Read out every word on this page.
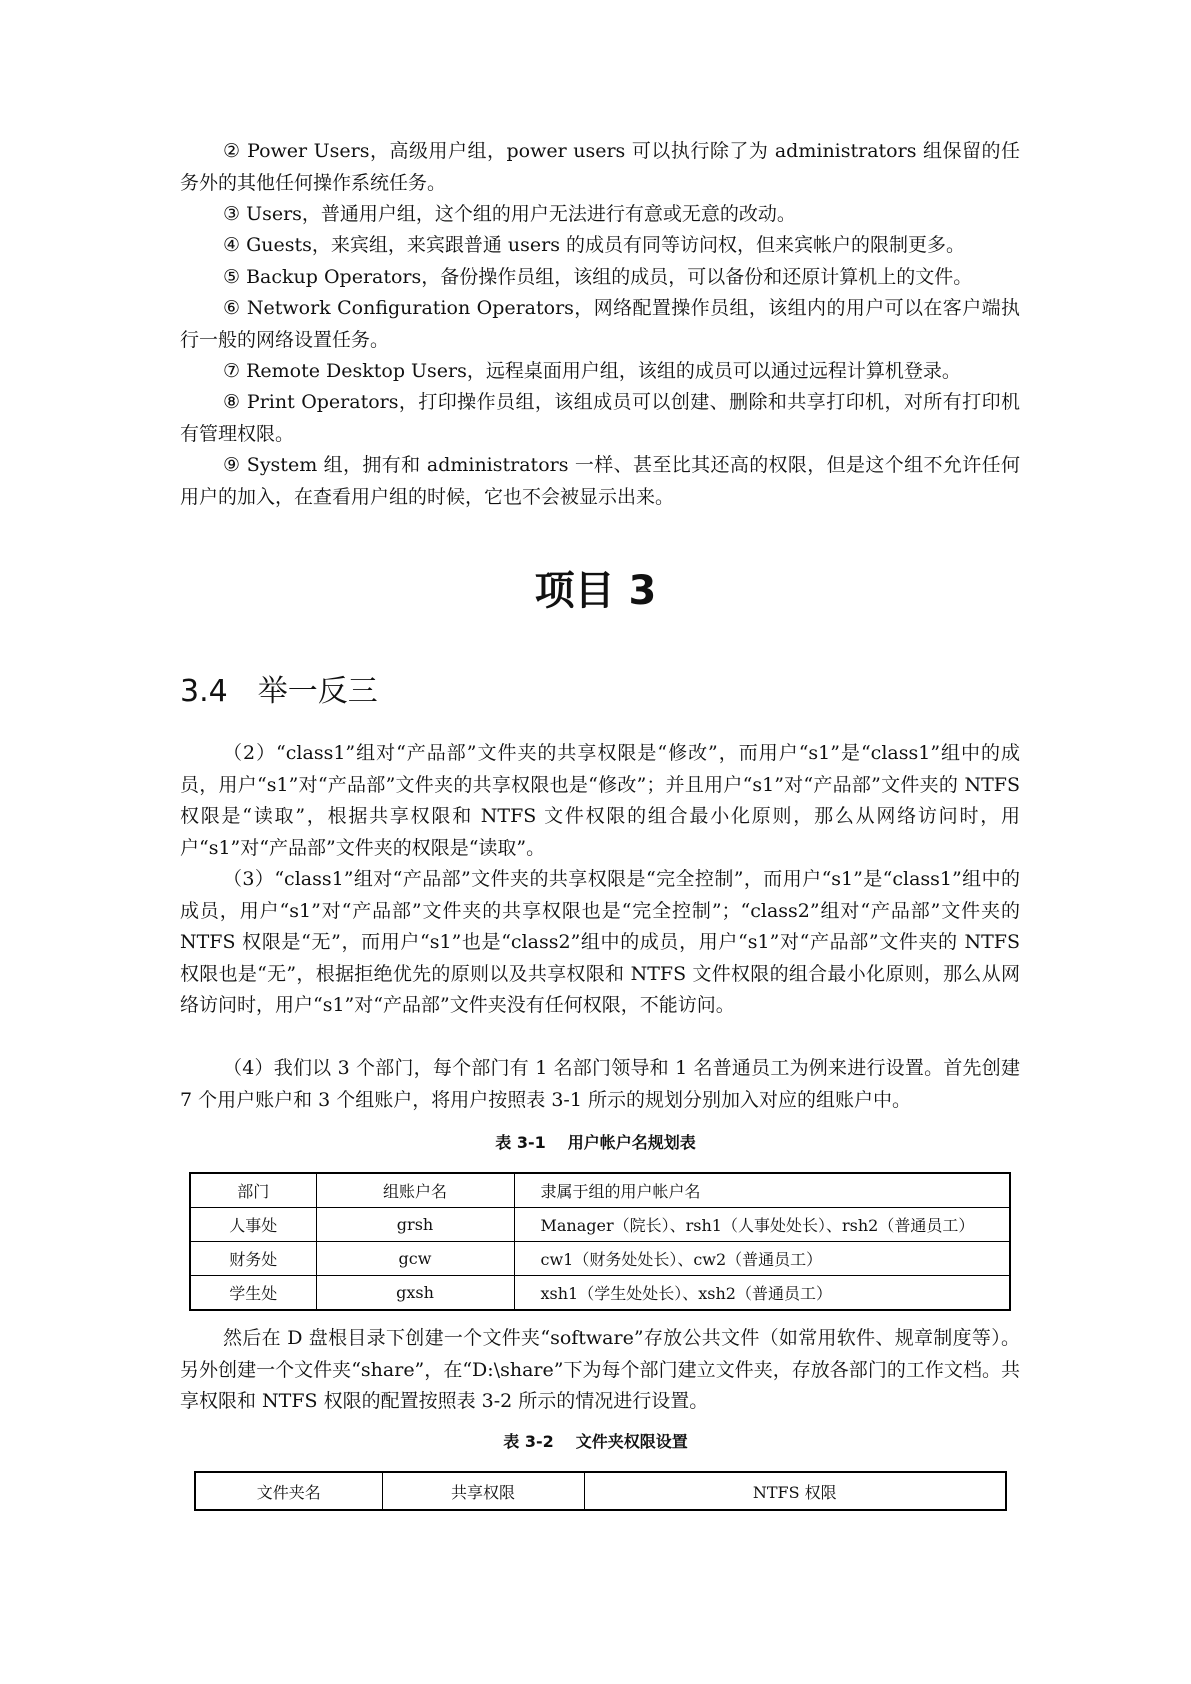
② Power Users，高级用户组，power users 可以执行除了为 administrators 组保留的任务外的其他任何操作系统任务。
③ Users，普通用户组，这个组的用户无法进行有意或无意的改动。
④ Guests，来宾组，来宾跟普通 users 的成员有同等访问权，但来宾帐户的限制更多。
⑤ Backup Operators，备份操作员组，该组的成员，可以备份和还原计算机上的文件。
⑥ Network Configuration Operators，网络配置操作员组，该组内的用户可以在客户端执行一般的网络设置任务。
⑦ Remote Desktop Users，远程桌面用户组，该组的成员可以通过远程计算机登录。
⑧ Print Operators，打印操作员组，该组成员可以创建、删除和共享打印机，对所有打印机有管理权限。
⑨ System 组，拥有和 administrators 一样、甚至比其还高的权限，但是这个组不允许任何用户的加入，在查看用户组的时候，它也不会被显示出来。
项目 3
3.4　举一反三
（2）“class1”组对“产品部”文件夹的共享权限是“修改”，而用户“s1”是“class1”组中的成员，用户“s1”对“产品部”文件夹的共享权限也是“修改”；并且用户“s1”对“产品部”文件夹的 NTFS 权限是“读取”，根据共享权限和 NTFS 文件权限的组合最小化原则，那么从网络访问时，用户“s1”对“产品部”文件夹的权限是“读取”。
（3）“class1”组对“产品部”文件夹的共享权限是“完全控制”，而用户“s1”是“class1”组中的成员，用户“s1”对“产品部”文件夹的共享权限也是“完全控制”；“class2”组对“产品部”文件夹的 NTFS 权限是“无”，而用户“s1”也是“class2”组中的成员，用户“s1”对“产品部”文件夹的 NTFS 权限也是“无”，根据拒绝优先的原则以及共享权限和 NTFS 文件权限的组合最小化原则，那么从网络访问时，用户“s1”对“产品部”文件夹没有任何权限，不能访问。
（4）我们以 3 个部门，每个部门有 1 名部门领导和 1 名普通员工为例来进行设置。首先创建 7 个用户账户和 3 个组账户，将用户按照表 3-1 所示的规划分别加入对应的组账户中。
表 3-1 用户帐户名规划表
部门	组账户名	隶属于组的用户帐户名
人事处	grsh	Manager（院长）、rsh1（人事处处长）、rsh2（普通员工）
财务处	gcw	cw1（财务处处长）、cw2（普通员工）
学生处	gxsh	xsh1（学生处处长）、xsh2（普通员工）
然后在 D 盘根目录下创建一个文件夹“software”存放公共文件（如常用软件、规章制度等）。另外创建一个文件夹“share”，在“D:\share”下为每个部门建立文件夹，存放各部门的工作文档。共享权限和 NTFS 权限的配置按照表 3-2 所示的情况进行设置。
表 3-2 文件夹权限设置
文件夹名	共享权限	NTFS 权限
